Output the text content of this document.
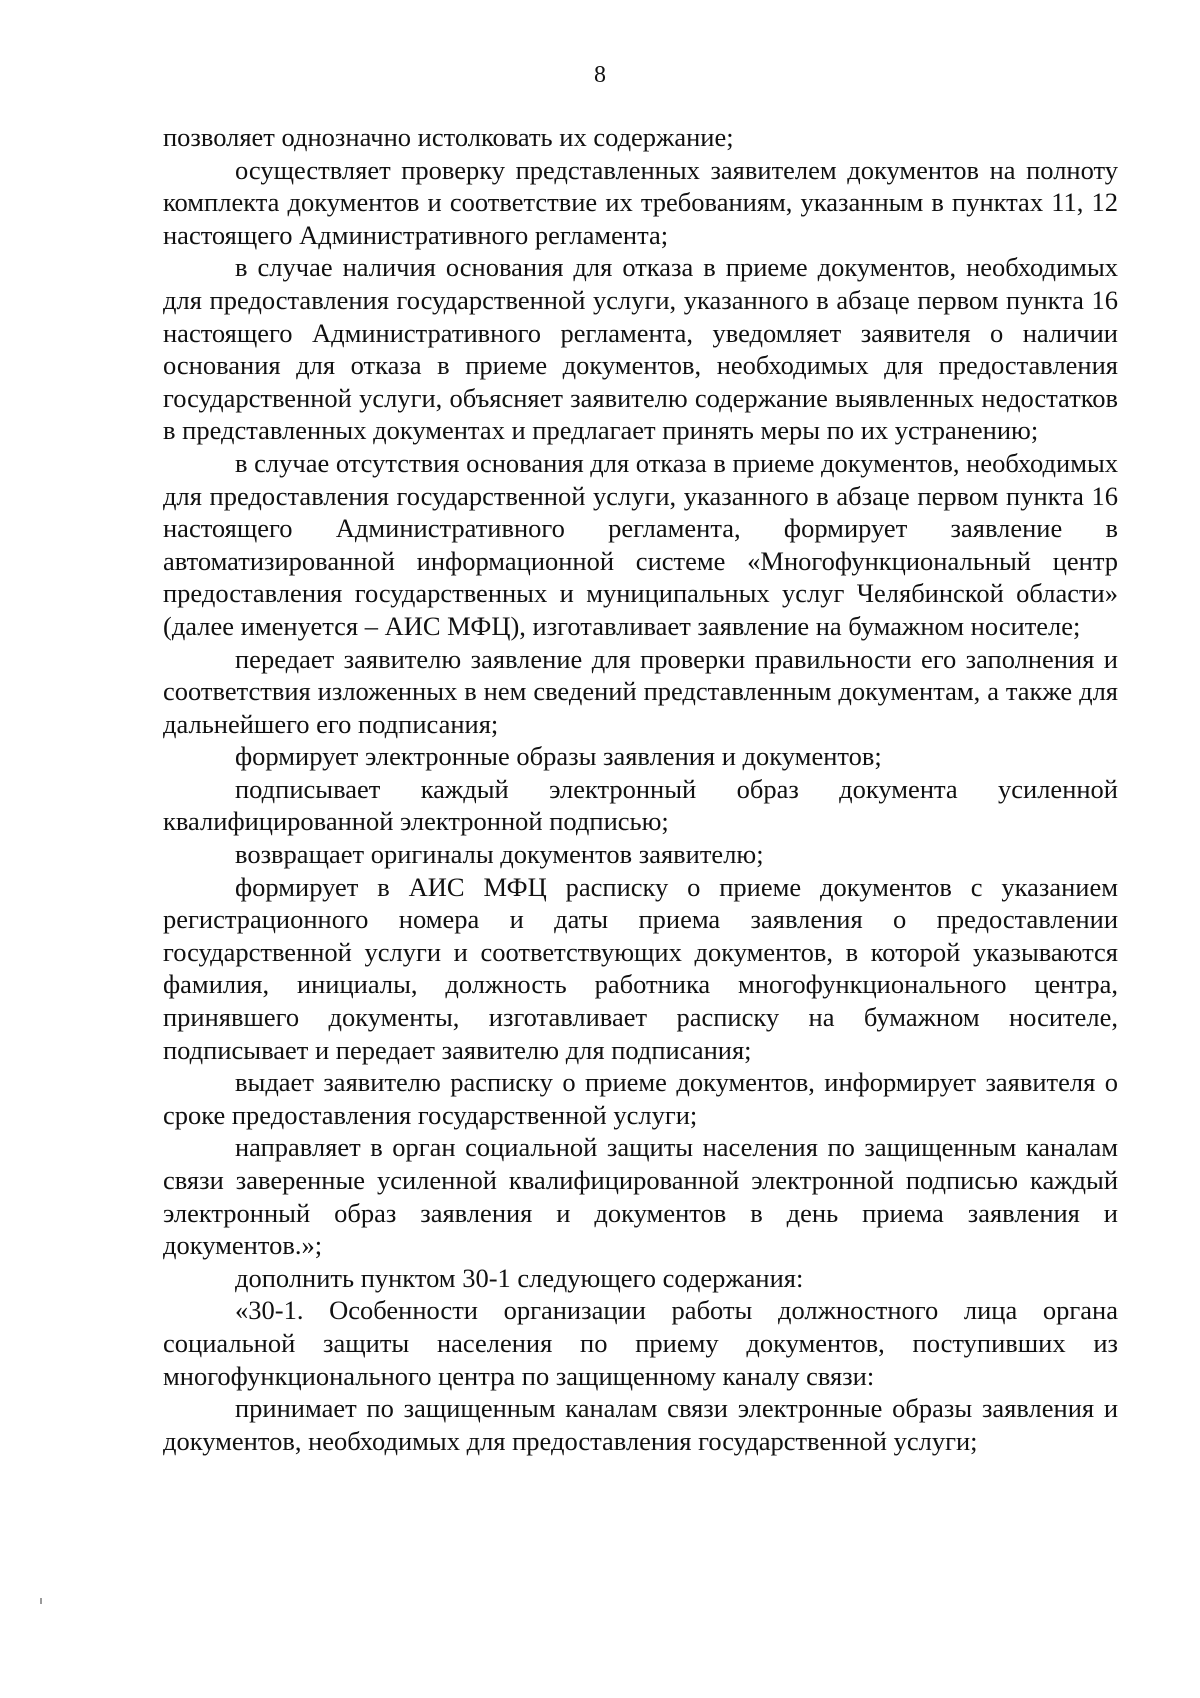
8

позволяет однозначно истолковать их содержание;

осуществляет проверку представленных заявителем документов на полноту комплекта документов и соответствие их требованиям, указанным в пунктах 11, 12 настоящего Административного регламента;

в случае наличия основания для отказа в приеме документов, необходимых для предоставления государственной услуги, указанного в абзаце первом пункта 16 настоящего Административного регламента, уведомляет заявителя о наличии основания для отказа в приеме документов, необходимых для предоставления государственной услуги, объясняет заявителю содержание выявленных недостатков в представленных документах и предлагает принять меры по их устранению;

в случае отсутствия основания для отказа в приеме документов, необходимых для предоставления государственной услуги, указанного в абзаце первом пункта 16 настоящего Административного регламента, формирует заявление в автоматизированной информационной системе «Многофункциональный центр предоставления государственных и муниципальных услуг Челябинской области» (далее именуется – АИС МФЦ), изготавливает заявление на бумажном носителе;

передает заявителю заявление для проверки правильности его заполнения и соответствия изложенных в нем сведений представленным документам, а также для дальнейшего его подписания;

формирует электронные образы заявления и документов;

подписывает каждый электронный образ документа усиленной квалифицированной электронной подписью;

возвращает оригиналы документов заявителю;

формирует в АИС МФЦ расписку о приеме документов с указанием регистрационного номера и даты приема заявления о предоставлении государственной услуги и соответствующих документов, в которой указываются фамилия, инициалы, должность работника многофункционального центра, принявшего документы, изготавливает расписку на бумажном носителе, подписывает и передает заявителю для подписания;

выдает заявителю расписку о приеме документов, информирует заявителя о сроке предоставления государственной услуги;

направляет в орган социальной защиты населения по защищенным каналам связи заверенные усиленной квалифицированной электронной подписью каждый электронный образ заявления и документов в день приема заявления и документов.»;

дополнить пунктом 30-1 следующего содержания:

«30-1. Особенности организации работы должностного лица органа социальной защиты населения по приему документов, поступивших из многофункционального центра по защищенному каналу связи:

принимает по защищенным каналам связи электронные образы заявления и документов, необходимых для предоставления государственной услуги;
